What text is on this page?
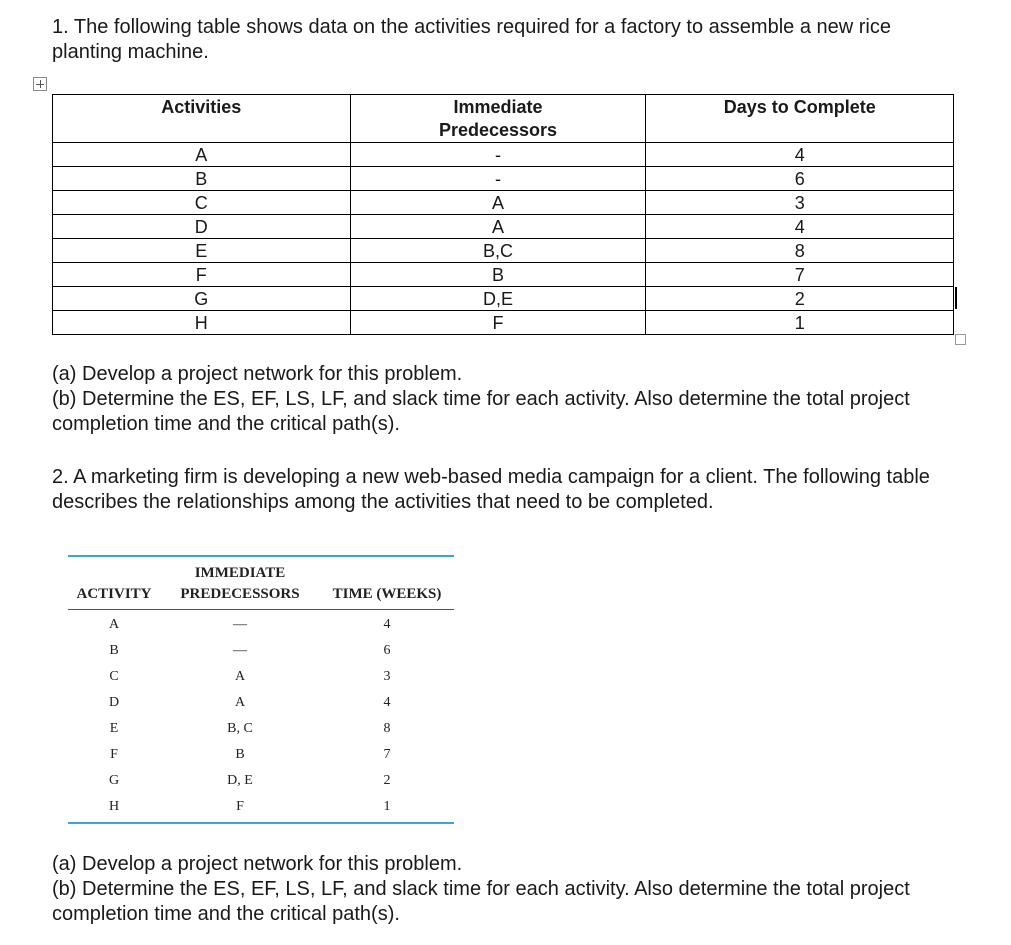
1. The following table shows data on the activities required for a factory to assemble a new rice planting machine.

Activities	Immediate Predecessors	Days to Complete
A	-	4
B	-	6
C	A	3
D	A	4
E	B,C	8
F	B	7
G	D,E	2
H	F	1
(a) Develop a project network for this problem.
(b) Determine the ES, EF, LS, LF, and slack time for each activity. Also determine the total project completion time and the critical path(s).

2. A marketing firm is developing a new web-based media campaign for a client. The following table describes the relationships among the activities that need to be completed.

	IMMEDIATE	
ACTIVITY	PREDECESSORS	TIME (WEEKS)
A	—	4
B	—	6
C	A	3
D	A	4
E	B, C	8
F	B	7
G	D, E	2
H	F	1
(a) Develop a project network for this problem.
(b) Determine the ES, EF, LS, LF, and slack time for each activity. Also determine the total project completion time and the critical path(s).
